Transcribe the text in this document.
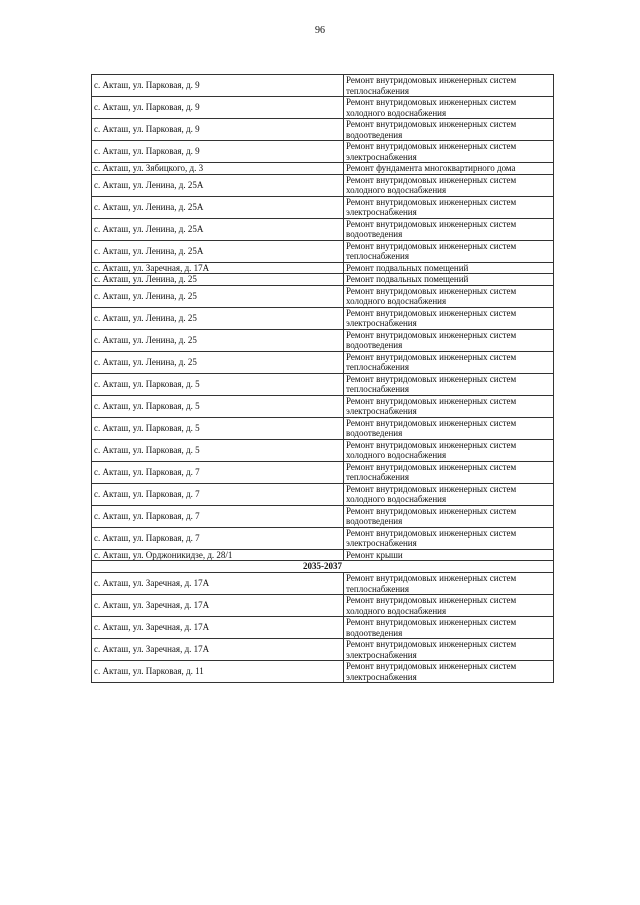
96
с. Акташ, ул. Парковая, д. 9	Ремонт внутридомовых инженерных систем
теплоснабжения

с. Акташ, ул. Парковая, д. 9	Ремонт внутридомовых инженерных систем
холодного водоснабжения

с. Акташ, ул. Парковая, д. 9	Ремонт внутридомовых инженерных систем
водоотведения

с. Акташ, ул. Парковая, д. 9	Ремонт внутридомовых инженерных систем
электроснабжения

с. Акташ, ул. Зябицкого, д. 3	Ремонт фундамента многоквартирного дома

с. Акташ, ул. Ленина, д. 25А	Ремонт внутридомовых инженерных систем
холодного водоснабжения

с. Акташ, ул. Ленина, д. 25А	Ремонт внутридомовых инженерных систем
электроснабжения

с. Акташ, ул. Ленина, д. 25А	Ремонт внутридомовых инженерных систем
водоотведения

с. Акташ, ул. Ленина, д. 25А	Ремонт внутридомовых инженерных систем
теплоснабжения

с. Акташ, ул. Заречная, д. 17А	Ремонт подвальных помещений

с. Акташ, ул. Ленина, д. 25	Ремонт подвальных помещений

с. Акташ, ул. Ленина, д. 25	Ремонт внутридомовых инженерных систем
холодного водоснабжения

с. Акташ, ул. Ленина, д. 25	Ремонт внутридомовых инженерных систем
электроснабжения

с. Акташ, ул. Ленина, д. 25	Ремонт внутридомовых инженерных систем
водоотведения

с. Акташ, ул. Ленина, д. 25	Ремонт внутридомовых инженерных систем
теплоснабжения

с. Акташ, ул. Парковая, д. 5	Ремонт внутридомовых инженерных систем
теплоснабжения

с. Акташ, ул. Парковая, д. 5	Ремонт внутридомовых инженерных систем
электроснабжения

с. Акташ, ул. Парковая, д. 5	Ремонт внутридомовых инженерных систем
водоотведения

с. Акташ, ул. Парковая, д. 5	Ремонт внутридомовых инженерных систем
холодного водоснабжения

с. Акташ, ул. Парковая, д. 7	Ремонт внутридомовых инженерных систем
теплоснабжения

с. Акташ, ул. Парковая, д. 7	Ремонт внутридомовых инженерных систем
холодного водоснабжения

с. Акташ, ул. Парковая, д. 7	Ремонт внутридомовых инженерных систем
водоотведения

с. Акташ, ул. Парковая, д. 7	Ремонт внутридомовых инженерных систем
электроснабжения

с. Акташ, ул. Орджоникидзе, д. 28/1	Ремонт крыши

2035-2037	
с. Акташ, ул. Заречная, д. 17А	Ремонт внутридомовых инженерных систем
теплоснабжения

с. Акташ, ул. Заречная, д. 17А	Ремонт внутридомовых инженерных систем
холодного водоснабжения

с. Акташ, ул. Заречная, д. 17А	Ремонт внутридомовых инженерных систем
водоотведения

с. Акташ, ул. Заречная, д. 17А	Ремонт внутридомовых инженерных систем
электроснабжения

с. Акташ, ул. Парковая, д. 11	Ремонт внутридомовых инженерных систем
электроснабжения
